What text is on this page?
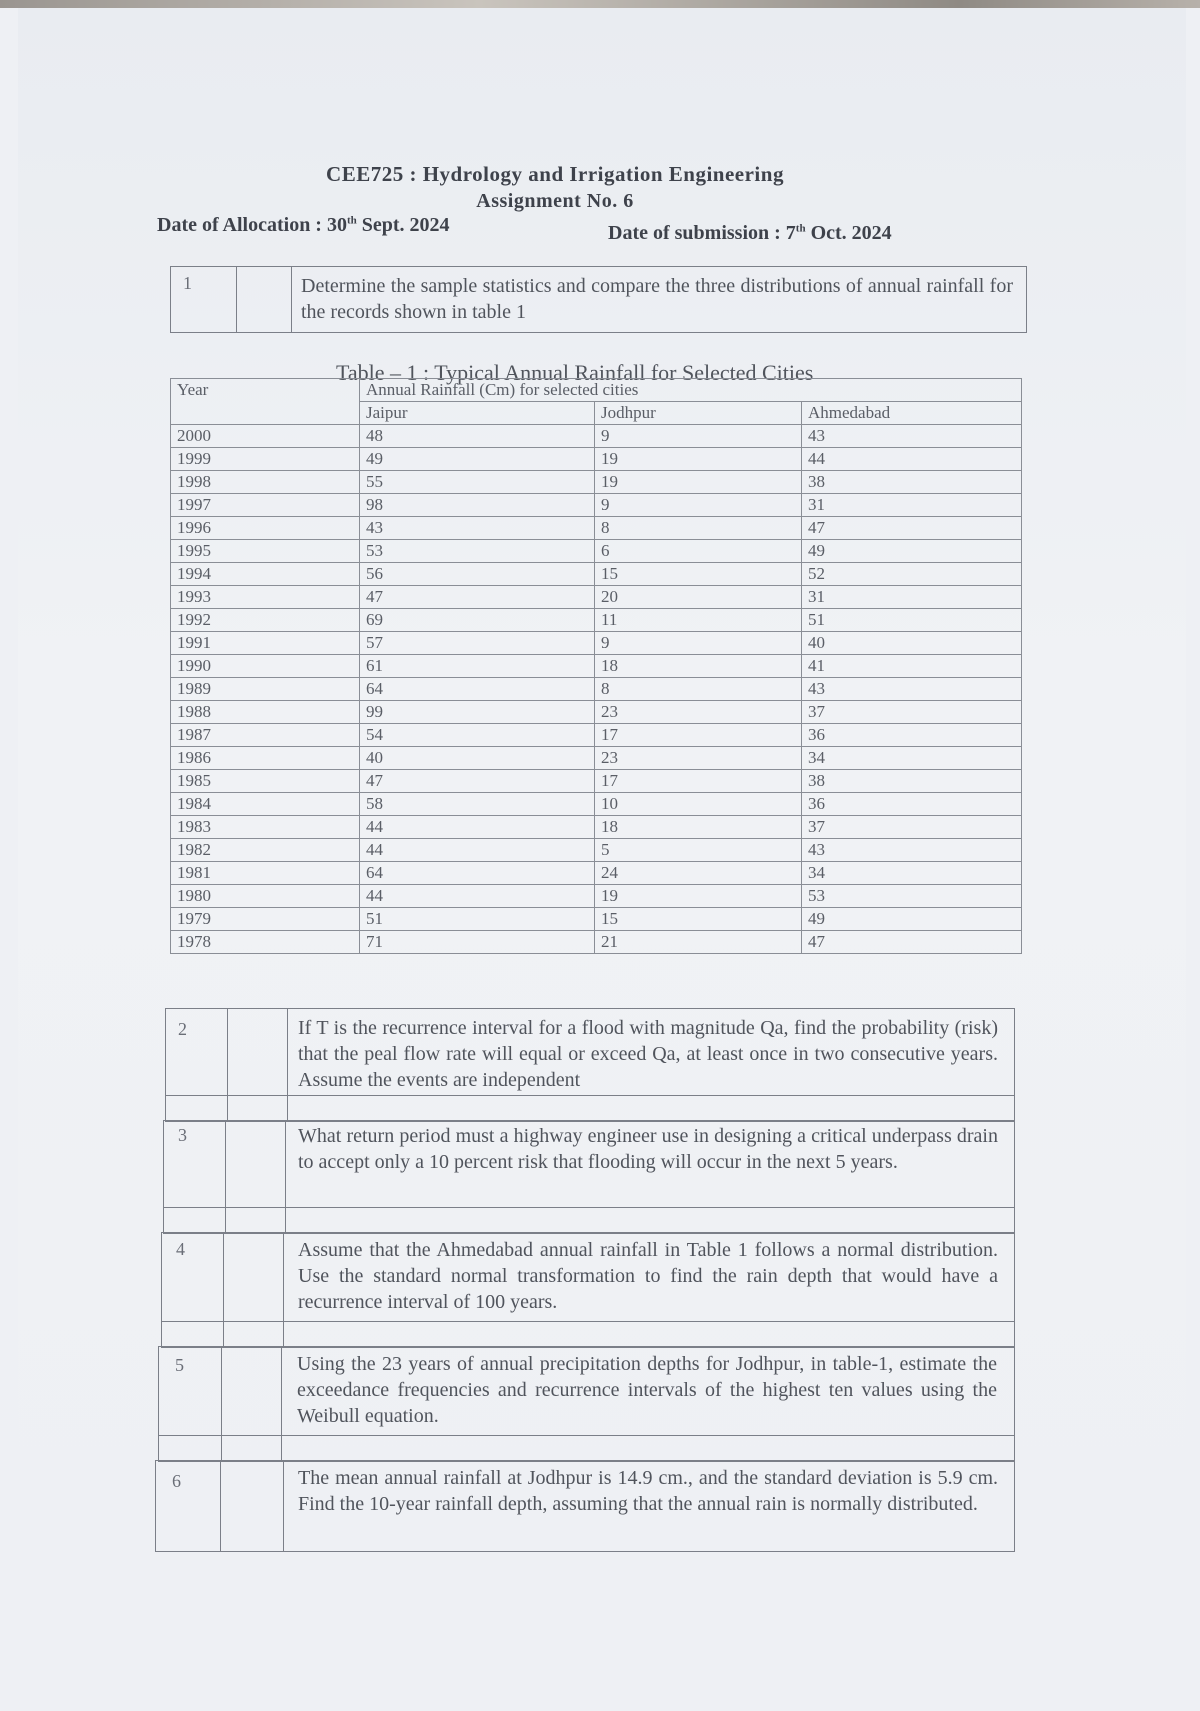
CEE725 : Hydrology and Irrigation Engineering
Assignment No. 6
Date of Allocation : 30th Sept. 2024	Date of submission : 7th Oct. 2024
1	Determine the sample statistics and compare the three distributions of annual rainfall for the records shown in table 1
Table – 1 : Typical Annual Rainfall for Selected Cities
Year	Annual Rainfall (Cm) for selected cities		
	Jaipur	Jodhpur	Ahmedabad
2000	48	9	43
1999	49	19	44
1998	55	19	38
1997	98	9	31
1996	43	8	47
1995	53	6	49
1994	56	15	52
1993	47	20	31
1992	69	11	51
1991	57	9	40
1990	61	18	41
1989	64	8	43
1988	99	23	37
1987	54	17	36
1986	40	23	34
1985	47	17	38
1984	58	10	36
1983	44	18	37
1982	44	5	43
1981	64	24	34
1980	44	19	53
1979	51	15	49
1978	71	21	47
2	If T is the recurrence interval for a flood with magnitude Qa, find the probability (risk) that the peal flow rate will equal or exceed Qa, at least once in two consecutive years. Assume the events are independent
3	What return period must a highway engineer use in designing a critical underpass drain to accept only a 10 percent risk that flooding will occur in the next 5 years.
4	Assume that the Ahmedabad annual rainfall in Table 1 follows a normal distribution. Use the standard normal transformation to find the rain depth that would have a recurrence interval of 100 years.
5	Using the 23 years of annual precipitation depths for Jodhpur, in table-1, estimate the exceedance frequencies and recurrence intervals of the highest ten values using the Weibull equation.
6	The mean annual rainfall at Jodhpur is 14.9 cm., and the standard deviation is 5.9 cm. Find the 10-year rainfall depth, assuming that the annual rain is normally distributed.
